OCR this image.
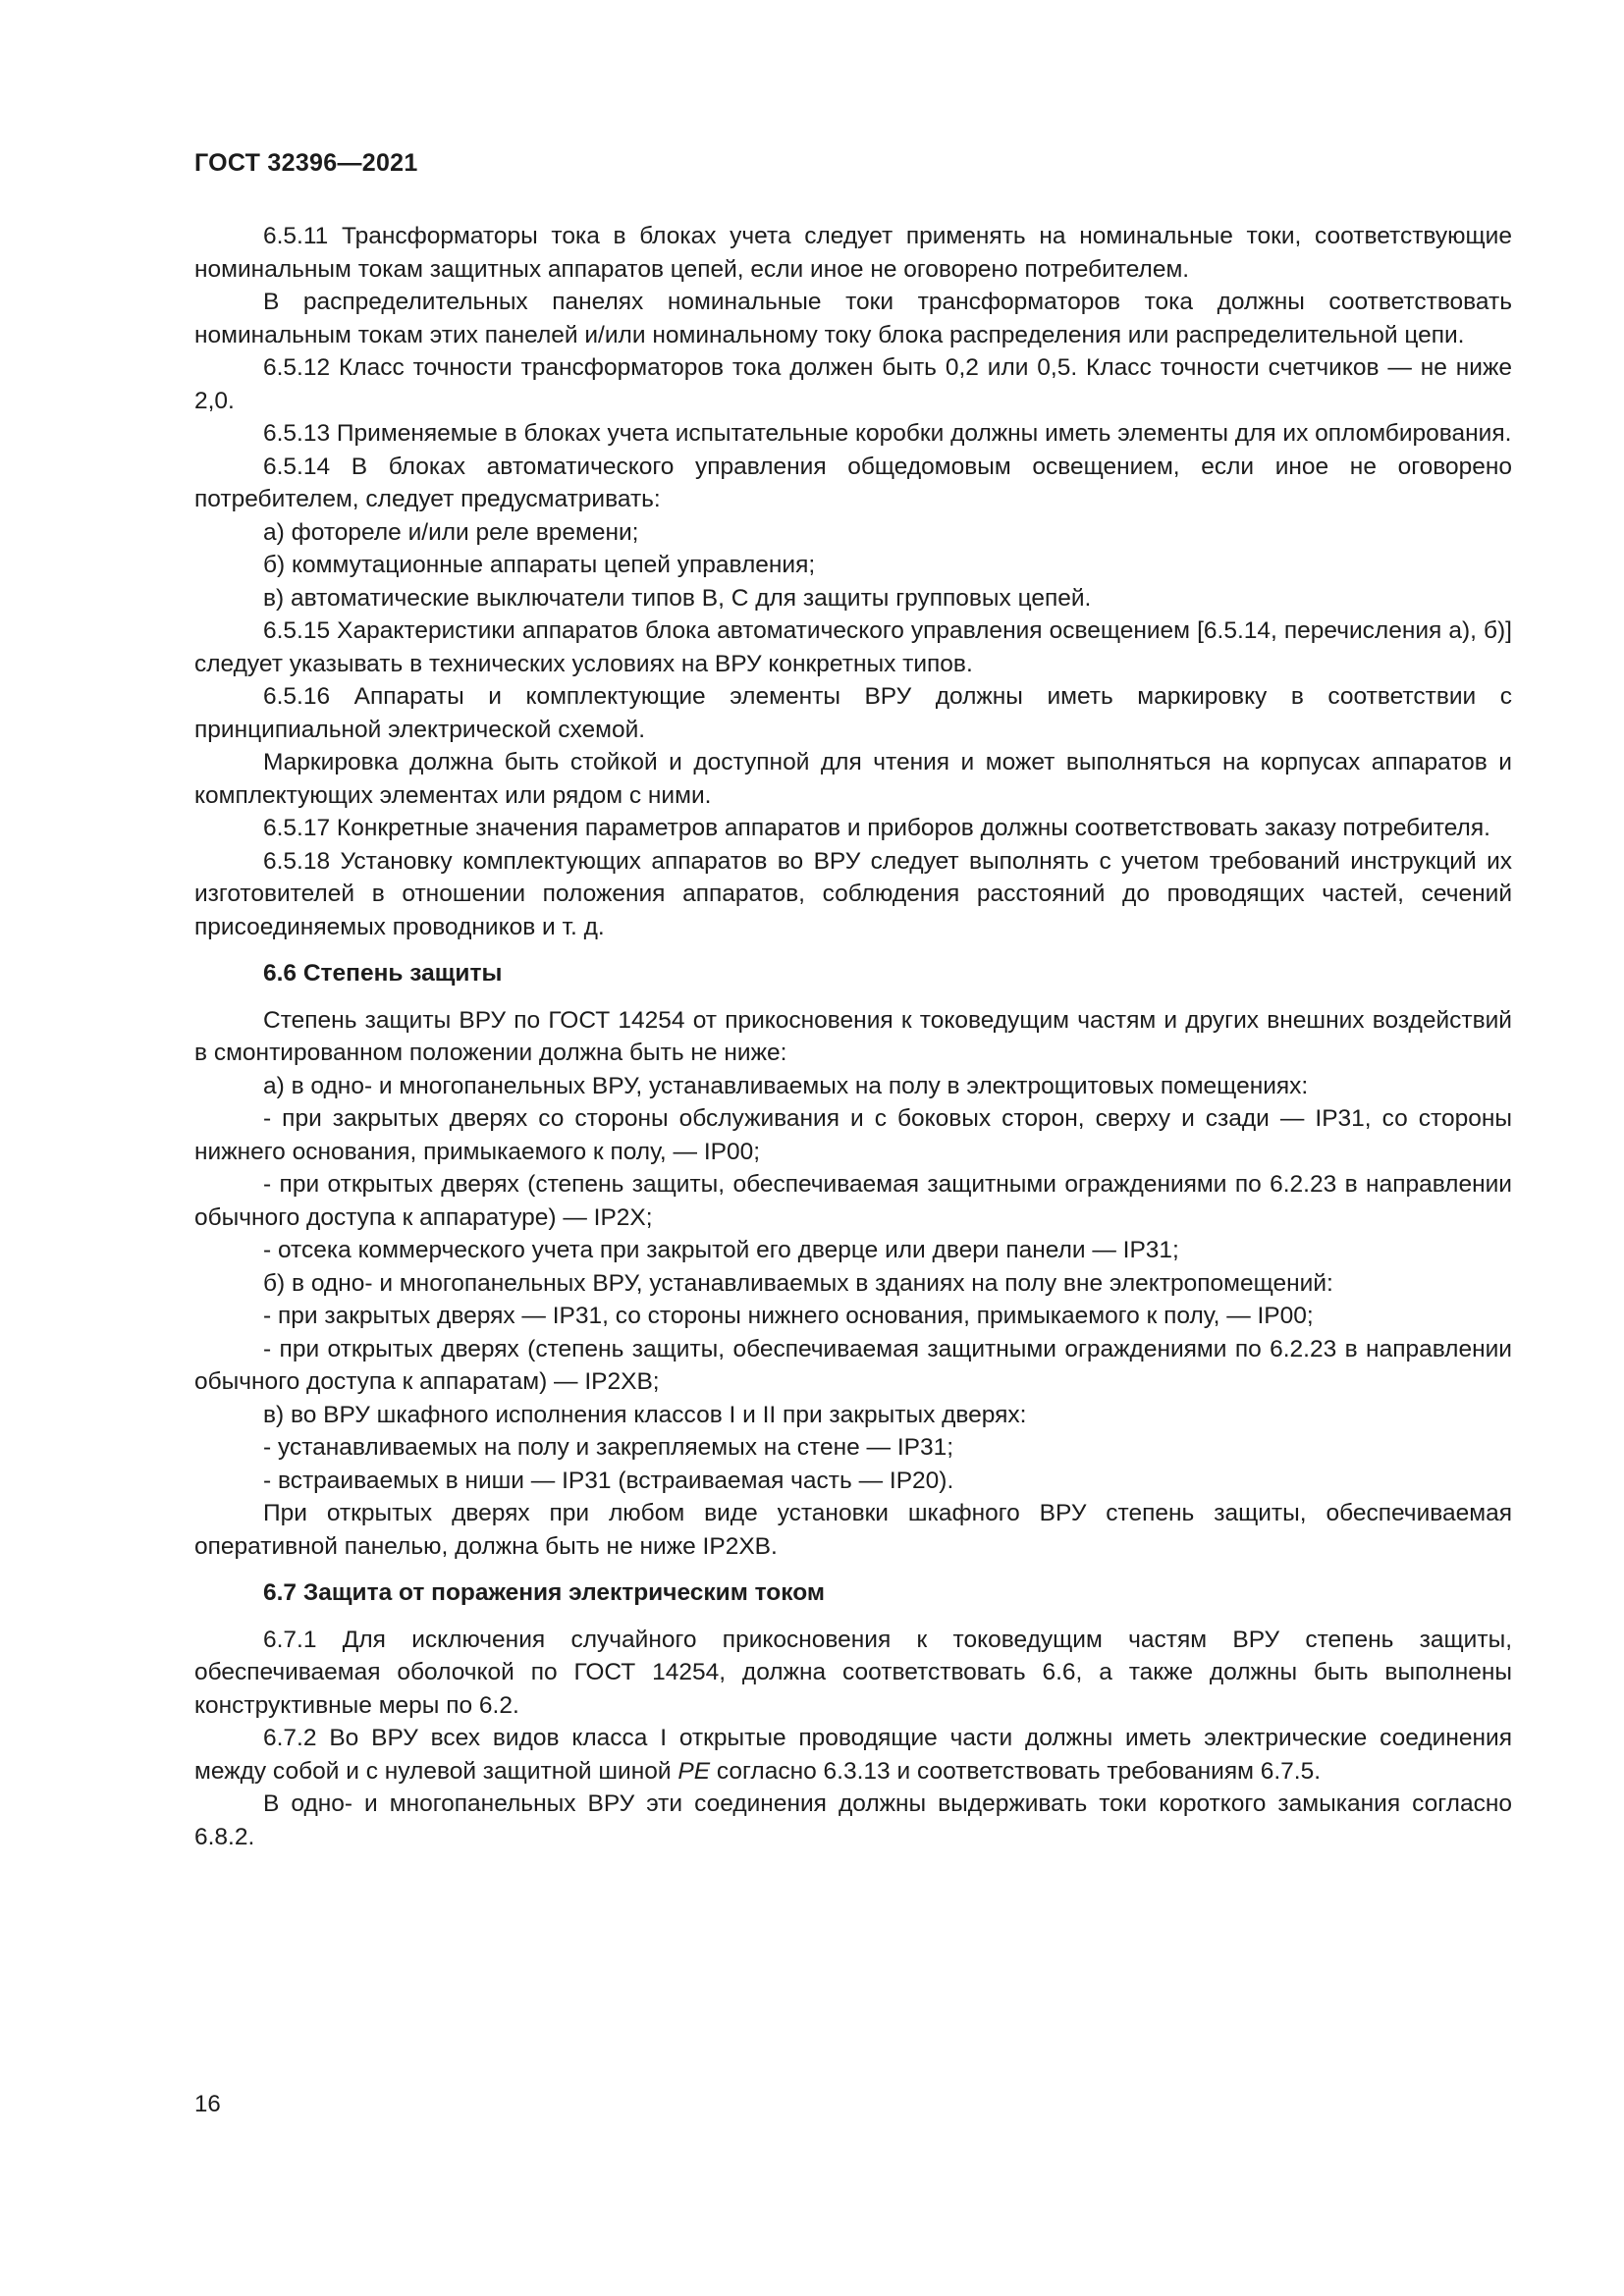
ГОСТ 32396—2021

6.5.11 Трансформаторы тока в блоках учета следует применять на номинальные токи, соответствующие номинальным токам защитных аппаратов цепей, если иное не оговорено потребителем.

В распределительных панелях номинальные токи трансформаторов тока должны соответствовать номинальным токам этих панелей и/или номинальному току блока распределения или распределительной цепи.

6.5.12 Класс точности трансформаторов тока должен быть 0,2 или 0,5. Класс точности счетчиков — не ниже 2,0.

6.5.13 Применяемые в блоках учета испытательные коробки должны иметь элементы для их опломбирования.

6.5.14 В блоках автоматического управления общедомовым освещением, если иное не оговорено потребителем, следует предусматривать:

а) фотореле и/или реле времени;

б) коммутационные аппараты цепей управления;

в) автоматические выключатели типов B, C для защиты групповых цепей.

6.5.15 Характеристики аппаратов блока автоматического управления освещением [6.5.14, перечисления а), б)] следует указывать в технических условиях на ВРУ конкретных типов.

6.5.16 Аппараты и комплектующие элементы ВРУ должны иметь маркировку в соответствии с принципиальной электрической схемой.

Маркировка должна быть стойкой и доступной для чтения и может выполняться на корпусах аппаратов и комплектующих элементах или рядом с ними.

6.5.17 Конкретные значения параметров аппаратов и приборов должны соответствовать заказу потребителя.

6.5.18 Установку комплектующих аппаратов во ВРУ следует выполнять с учетом требований инструкций их изготовителей в отношении положения аппаратов, соблюдения расстояний до проводящих частей, сечений присоединяемых проводников и т. д.

6.6 Степень защиты

Степень защиты ВРУ по ГОСТ 14254 от прикосновения к токоведущим частям и других внешних воздействий в смонтированном положении должна быть не ниже:

а) в одно- и многопанельных ВРУ, устанавливаемых на полу в электрощитовых помещениях:

- при закрытых дверях со стороны обслуживания и с боковых сторон, сверху и сзади — IP31, со стороны нижнего основания, примыкаемого к полу, — IP00;

- при открытых дверях (степень защиты, обеспечиваемая защитными ограждениями по 6.2.23 в направлении обычного доступа к аппаратуре) — IP2X;

- отсека коммерческого учета при закрытой его дверце или двери панели — IP31;

б) в одно- и многопанельных ВРУ, устанавливаемых в зданиях на полу вне электропомещений:

- при закрытых дверях — IP31, со стороны нижнего основания, примыкаемого к полу, — IP00;

- при открытых дверях (степень защиты, обеспечиваемая защитными ограждениями по 6.2.23 в направлении обычного доступа к аппаратам) — IP2XB;

в) во ВРУ шкафного исполнения классов I и II при закрытых дверях:

- устанавливаемых на полу и закрепляемых на стене — IP31;

- встраиваемых в ниши — IP31 (встраиваемая часть — IP20).

При открытых дверях при любом виде установки шкафного ВРУ степень защиты, обеспечиваемая оперативной панелью, должна быть не ниже IP2XB.

6.7 Защита от поражения электрическим током

6.7.1 Для исключения случайного прикосновения к токоведущим частям ВРУ степень защиты, обеспечиваемая оболочкой по ГОСТ 14254, должна соответствовать 6.6, а также должны быть выполнены конструктивные меры по 6.2.

6.7.2 Во ВРУ всех видов класса I открытые проводящие части должны иметь электрические соединения между собой и с нулевой защитной шиной PE согласно 6.3.13 и соответствовать требованиям 6.7.5.

В одно- и многопанельных ВРУ эти соединения должны выдерживать токи короткого замыкания согласно 6.8.2.

16
